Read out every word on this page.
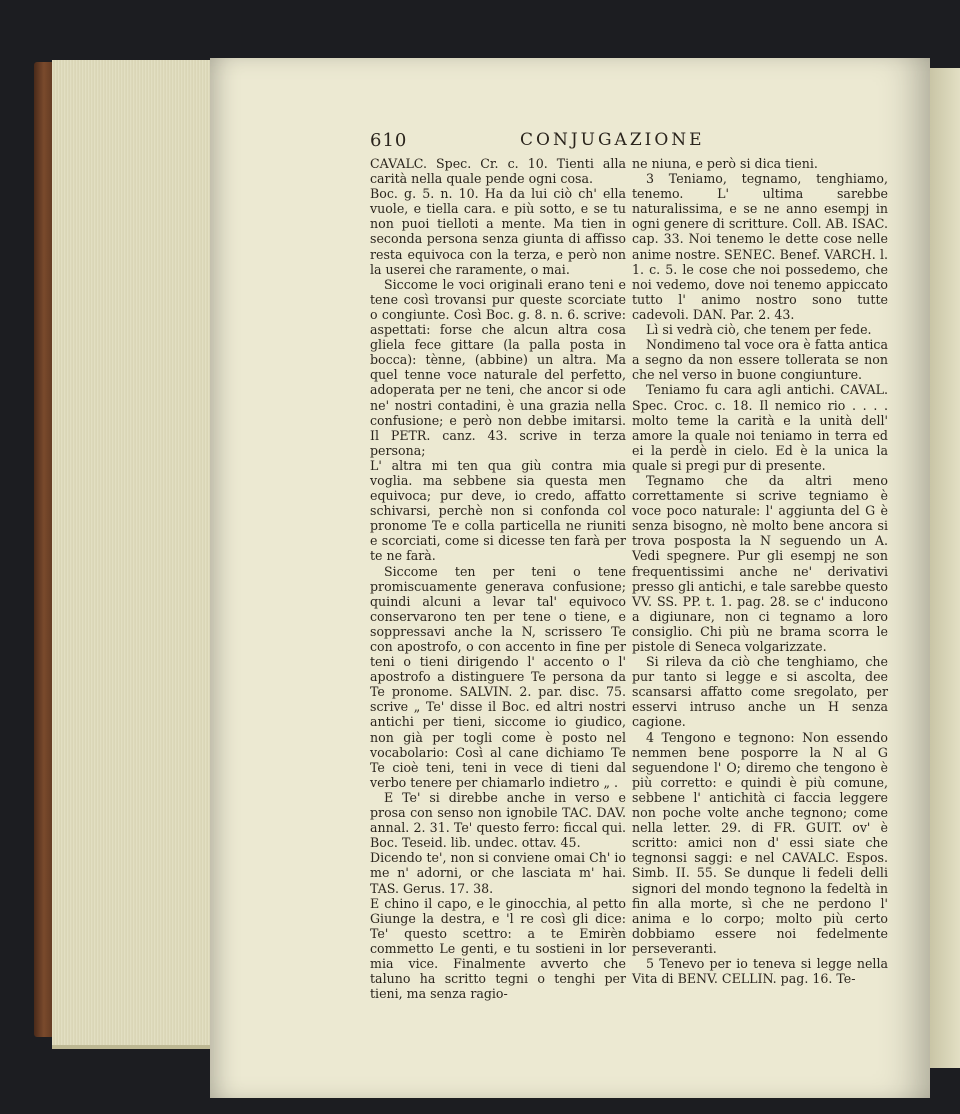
610	CONJUGAZIONE

CAVALC. Spec. Cr. c. 10. Tienti alla carità nella quale pende ogni cosa.

Boc. g. 5. n. 10. Ha da lui ciò ch' ella vuole, e tiella cara. e più sotto, e se tu non puoi tielloti a mente. Ma tien in seconda persona senza giunta di affisso resta equivoca con la terza, e però non la userei che raramente, o mai.

Siccome le voci originali erano teni e tene così trovansi pur queste scorciate o congiunte. Così Boc. g. 8. n. 6. scrive: aspettati: forse che alcun altra cosa gliela fece gittare (la palla posta in bocca): tènne, (abbine) un altra. Ma quel tenne voce naturale del perfetto, adoperata per ne teni, che ancor si ode ne' nostri contadini, è una grazia nella confusione; e però non debbe imitarsi. Il PETR. canz. 43. scrive in terza persona;

L' altra mi ten qua giù contra mia voglia. ma sebbene sia questa men equivoca; pur deve, io credo, affatto schivarsi, perchè non si confonda col pronome Te e colla particella ne riuniti e scorciati, come si dicesse ten farà per te ne farà.

Siccome ten per teni o tene promiscuamente generava confusione; quindi alcuni a levar tal' equivoco conservarono ten per tene o tiene, e soppressavi anche la N, scrissero Te con apostrofo, o con accento in fine per teni o tieni dirigendo l' accento o l' apostrofo a distinguere Te persona da Te pronome. SALVIN. 2. par. disc. 75. scrive „ Te' disse il Boc. ed altri nostri antichi per tieni, siccome io giudico, non già per togli come è posto nel vocabolario: Così al cane dichiamo Te Te cioè teni, teni in vece di tieni dal verbo tenere per chiamarlo indietro „ .

E Te' si direbbe anche in verso e prosa con senso non ignobile TAC. DAV. annal. 2. 31. Te' questo ferro: ficcal qui. Boc. Teseid. lib. undec. ottav. 45.

Dicendo te', non si conviene omai Ch' io me n' adorni, or che lasciata m' hai. TAS. Gerus. 17. 38.

E chino il capo, e le ginocchia, al petto Giunge la destra, e 'l re così gli dice: Te' questo scettro: a te Emirèn commetto Le genti, e tu sostieni in lor mia vice. Finalmente avverto che taluno ha scritto tegni o tenghi per tieni, ma senza ragio-

ne niuna, e però si dica tieni.

3 Teniamo, tegnamo, tenghiamo, tenemo. L' ultima sarebbe naturalissima, e se ne anno esempj in ogni genere di scritture. Coll. AB. ISAC. cap. 33. Noi tenemo le dette cose nelle anime nostre. SENEC. Benef. VARCH. l. 1. c. 5. le cose che noi possedemo, che noi vedemo, dove noi tenemo appiccato tutto l' animo nostro sono tutte cadevoli. DAN. Par. 2. 43.

Lì si vedrà ciò, che tenem per fede.

Nondimeno tal voce ora è fatta antica a segno da non essere tollerata se non che nel verso in buone congiunture.

Teniamo fu cara agli antichi. CAVAL. Spec. Croc. c. 18. Il nemico rio . . . . molto teme la carità e la unità dell' amore la quale noi teniamo in terra ed ei la perdè in cielo. Ed è la unica la quale si pregi pur di presente.

Tegnamo che da altri meno correttamente si scrive tegniamo è voce poco naturale: l' aggiunta del G è senza bisogno, nè molto bene ancora si trova posposta la N seguendo un A. Vedi spegnere. Pur gli esempj ne son frequentissimi anche ne' derivativi presso gli antichi, e tale sarebbe questo VV. SS. PP. t. 1. pag. 28. se c' inducono a digiunare, non ci tegnamo a loro consiglio. Chi più ne brama scorra le pistole di Seneca volgarizzate.

Si rileva da ciò che tenghiamo, che pur tanto si legge e si ascolta, dee scansarsi affatto come sregolato, per esservi intruso anche un H senza cagione.

4 Tengono e tegnono: Non essendo nemmen bene posporre la N al G seguendone l' O; diremo che tengono è più corretto: e quindi è più comune, sebbene l' antichità ci faccia leggere non poche volte anche tegnono; come nella letter. 29. di FR. GUIT. ov' è scritto: amici non d' essi siate che tegnonsi saggi: e nel CAVALC. Espos. Simb. II. 55. Se dunque li fedeli delli signori del mondo tegnono la fedeltà in fin alla morte, sì che ne perdono l' anima e lo corpo; molto più certo dobbiamo essere noi fedelmente perseveranti.

5 Tenevo per io teneva si legge nella Vita di BENV. CELLIN. pag. 16. Te-
